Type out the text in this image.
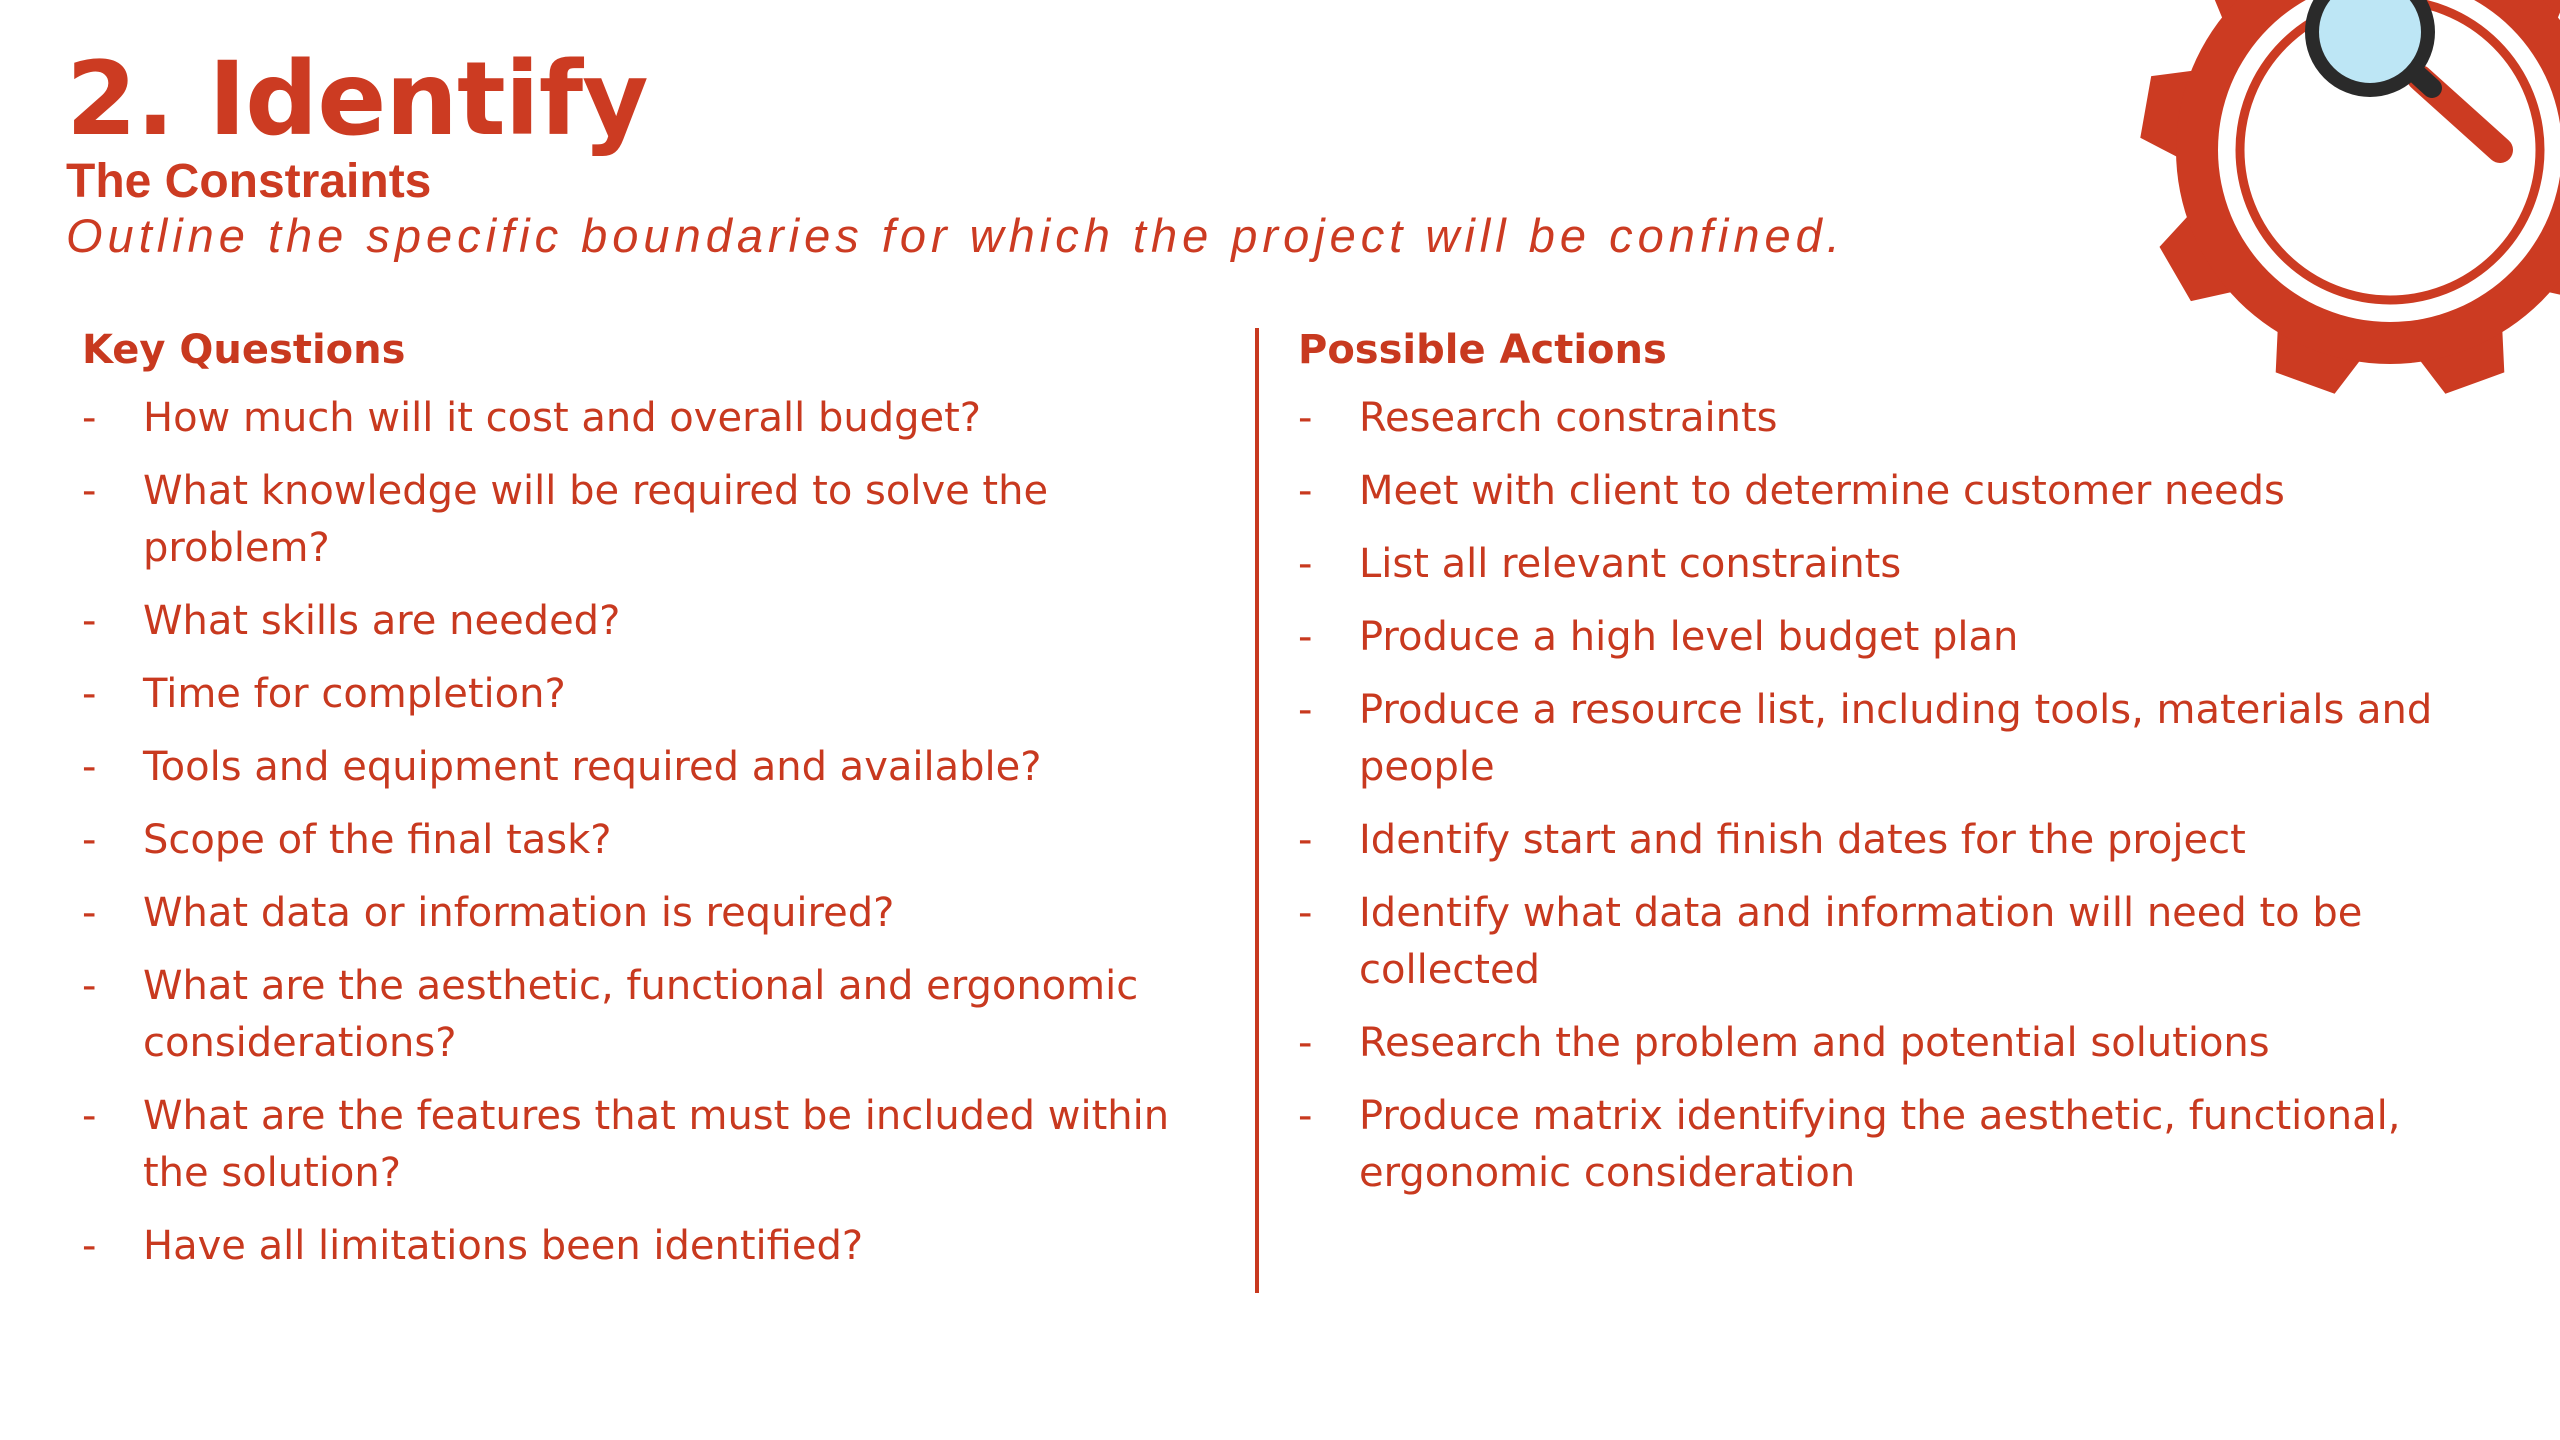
2. Identify
The Constraints

Outline the specific boundaries for which the project will be confined.

Key Questions
- How much will it cost and overall budget?
- What knowledge will be required to solve the problem?
- What skills are needed?
- Time for completion?
- Tools and equipment required and available?
- Scope of the final task?
- What data or information is required?
- What are the aesthetic, functional and ergonomic considerations?
- What are the features that must be included within the solution?
- Have all limitations been identified?
Possible Actions
- Research constraints
- Meet with client to determine customer needs
- List all relevant constraints
- Produce a high level budget plan
- Produce a resource list, including tools, materials and people
- Identify start and finish dates for the project
- Identify what data and information will need to be collected
- Research the problem and potential solutions
- Produce matrix identifying the aesthetic, functional, ergonomic consideration
